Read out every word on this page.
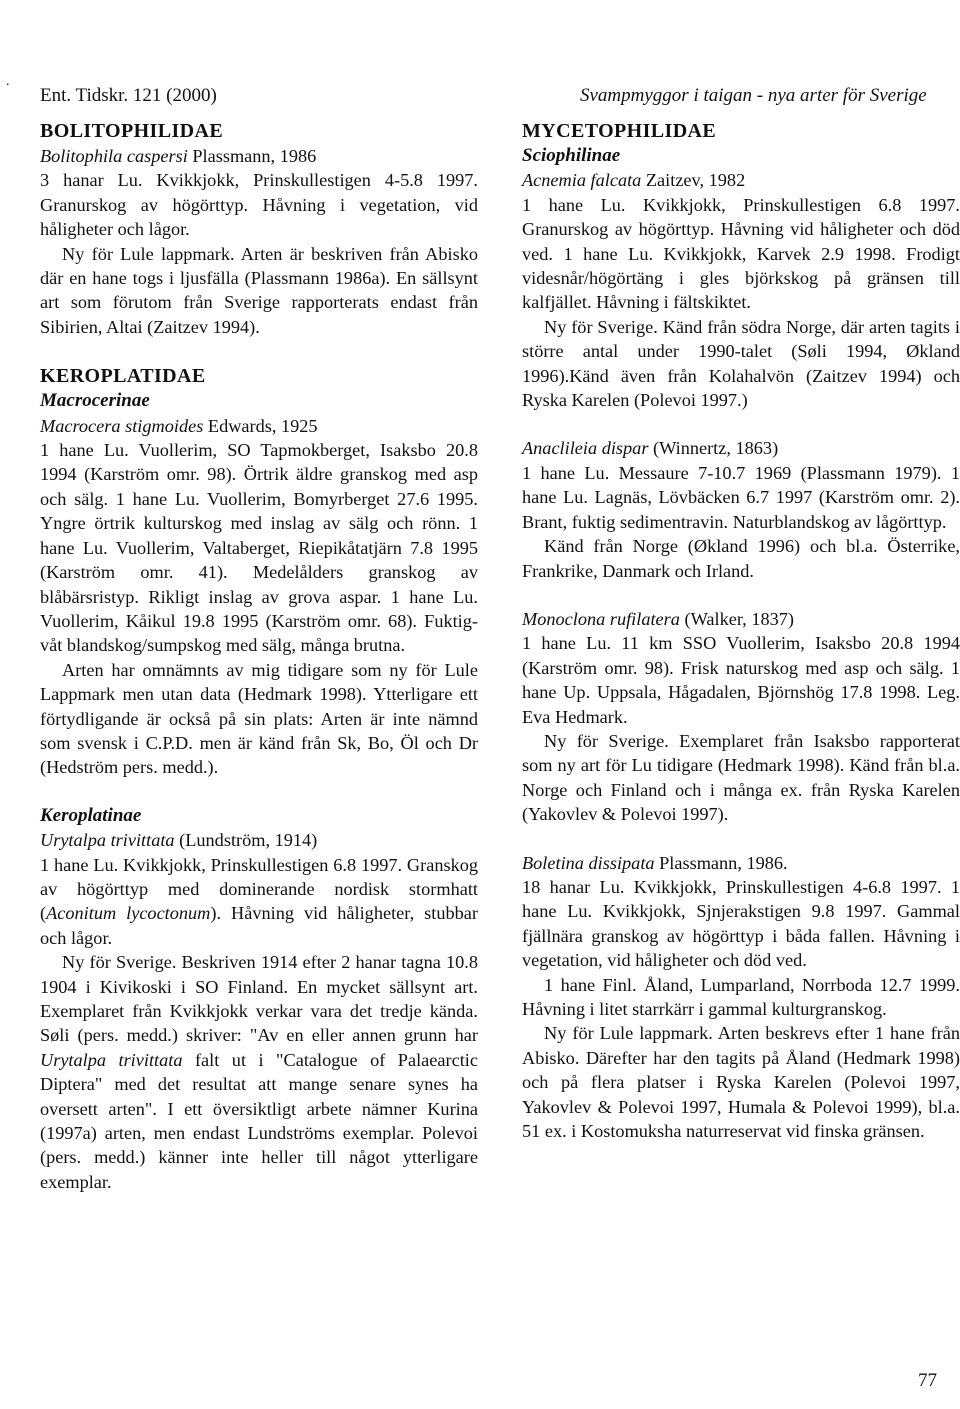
.
Ent. Tidskr. 121 (2000)	Svampmyggor i taigan - nya arter för Sverige
BOLITOPHILIDAE

Bolitophila caspersi Plassmann, 1986

3 hanar Lu. Kvikkjokk, Prinskullestigen 4-5.8 1997. Granurskog av högörttyp. Håvning i vegetation, vid håligheter och lågor.

Ny för Lule lappmark. Arten är beskriven från Abisko där en hane togs i ljusfälla (Plassmann 1986a). En sällsynt art som förutom från Sverige rapporterats endast från Sibirien, Altai (Zaitzev 1994).

KEROPLATIDAE
Macrocerinae

Macrocera stigmoides Edwards, 1925

1 hane Lu. Vuollerim, SO Tapmokberget, Isaksbo 20.8 1994 (Karström omr. 98). Örtrik äldre granskog med asp och sälg. 1 hane Lu. Vuollerim, Bomyrberget 27.6 1995. Yngre örtrik kulturskog med inslag av sälg och rönn. 1 hane Lu. Vuollerim, Valtaberget, Riepikåtatjärn 7.8 1995 (Karström omr. 41). Medelålders granskog av blåbärsristyp. Rikligt inslag av grova aspar. 1 hane Lu. Vuollerim, Kåikul 19.8 1995 (Karström omr. 68). Fuktig-våt blandskog/sumpskog med sälg, många brutna.

Arten har omnämnts av mig tidigare som ny för Lule Lappmark men utan data (Hedmark 1998). Ytterligare ett förtydligande är också på sin plats: Arten är inte nämnd som svensk i C.P.D. men är känd från Sk, Bo, Öl och Dr (Hedström pers. medd.).

Keroplatinae

Urytalpa trivittata (Lundström, 1914)

1 hane Lu. Kvikkjokk, Prinskullestigen 6.8 1997. Granskog av högörttyp med dominerande nordisk stormhatt (Aconitum lycoctonum). Håvning vid håligheter, stubbar och lågor.

Ny för Sverige. Beskriven 1914 efter 2 hanar tagna 10.8 1904 i Kivikoski i SO Finland. En mycket sällsynt art. Exemplaret från Kvikkjokk verkar vara det tredje kända. Søli (pers. medd.) skriver: "Av en eller annen grunn har Urytalpa trivittata falt ut i "Catalogue of Palaearctic Diptera" med det resultat att mange senare synes ha oversett arten". I ett översiktligt arbete nämner Kurina (1997a) arten, men endast Lundströms exemplar. Polevoi (pers. medd.) känner inte heller till något ytterligare exemplar.

MYCETOPHILIDAE
Sciophilinae

Acnemia falcata Zaitzev, 1982

1 hane Lu. Kvikkjokk, Prinskullestigen 6.8 1997. Granurskog av högörttyp. Håvning vid håligheter och död ved. 1 hane Lu. Kvikkjokk, Karvek 2.9 1998. Frodigt videsnår/högörtäng i gles björkskog på gränsen till kalfjället. Håvning i fältskiktet.

Ny för Sverige. Känd från södra Norge, där arten tagits i större antal under 1990-talet (Søli 1994, Økland 1996).Känd även från Kolahalvön (Zaitzev 1994) och Ryska Karelen (Polevoi 1997.)

Anaclileia dispar (Winnertz, 1863)

1 hane Lu. Messaure 7-10.7 1969 (Plassmann 1979). 1 hane Lu. Lagnäs, Lövbäcken 6.7 1997 (Karström omr. 2). Brant, fuktig sedimentravin. Naturblandskog av lågörttyp.

Känd från Norge (Økland 1996) och bl.a. Österrike, Frankrike, Danmark och Irland.

Monoclona rufilatera (Walker, 1837)

1 hane Lu. 11 km SSO Vuollerim, Isaksbo 20.8 1994 (Karström omr. 98). Frisk naturskog med asp och sälg. 1 hane Up. Uppsala, Hågadalen, Björnshög 17.8 1998. Leg. Eva Hedmark.

Ny för Sverige. Exemplaret från Isaksbo rapporterat som ny art för Lu tidigare (Hedmark 1998). Känd från bl.a. Norge och Finland och i många ex. från Ryska Karelen (Yakovlev & Polevoi 1997).

Boletina dissipata Plassmann, 1986.

18 hanar Lu. Kvikkjokk, Prinskullestigen 4-6.8 1997. 1 hane Lu. Kvikkjokk, Sjnjerakstigen 9.8 1997. Gammal fjällnära granskog av högörttyp i båda fallen. Håvning i vegetation, vid håligheter och död ved.

1 hane Finl. Åland, Lumparland, Norrboda 12.7 1999. Håvning i litet starrkärr i gammal kulturgranskog.

Ny för Lule lappmark. Arten beskrevs efter 1 hane från Abisko. Därefter har den tagits på Åland (Hedmark 1998) och på flera platser i Ryska Karelen (Polevoi 1997, Yakovlev & Polevoi 1997, Humala & Polevoi 1999), bl.a. 51 ex. i Kostomuksha naturreservat vid finska gränsen.

77
